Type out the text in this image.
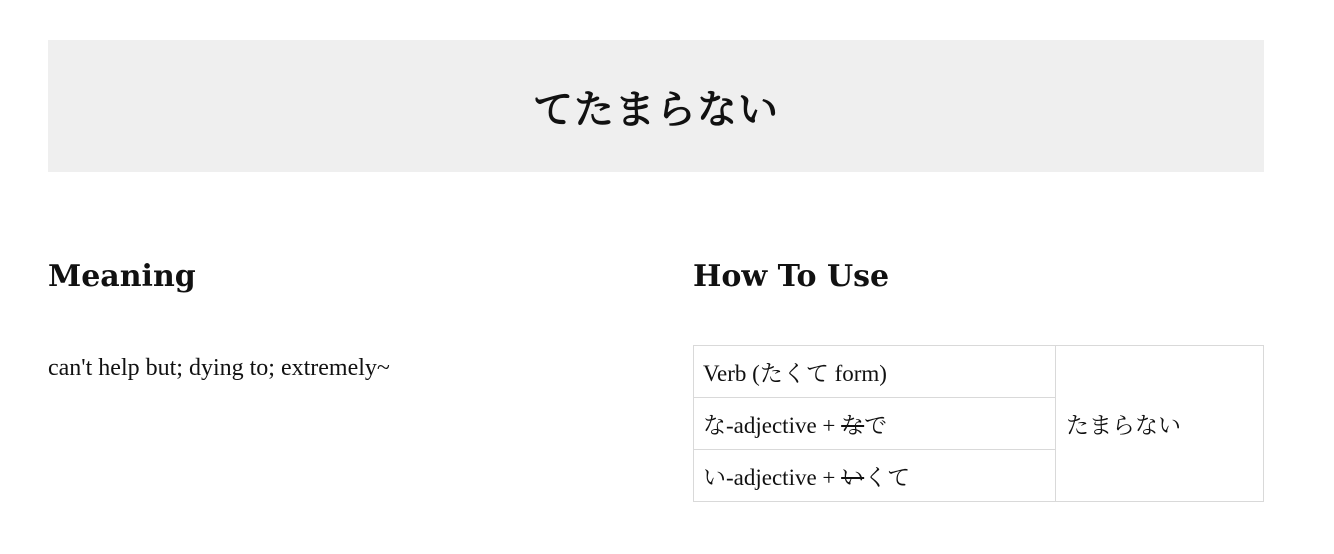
てたまらない
Meaning

can't help but; dying to; extremely~

How To Use
Verb (たくて form)	たまらない
な-adjective + なで
い-adjective + いくて
